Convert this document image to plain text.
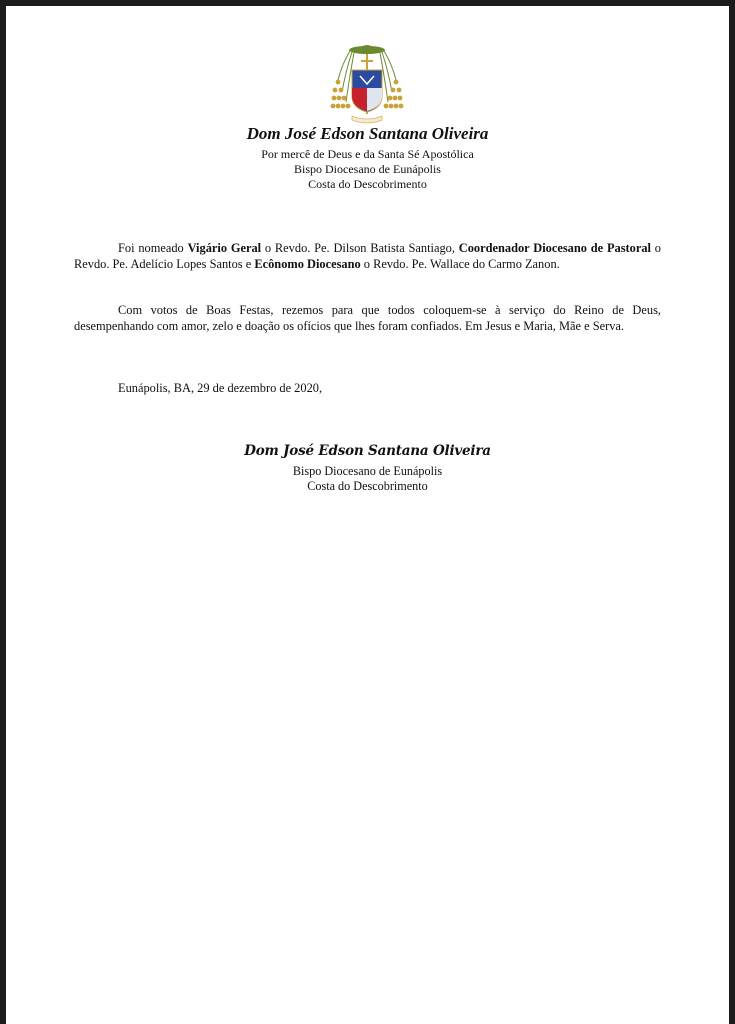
Dom José Edson Santana Oliveira
Por mercê de Deus e da Santa Sé Apostólica
Bispo Diocesano de Eunápolis
Costa do Descobrimento

Foi nomeado Vigário Geral o Revdo. Pe. Dilson Batista Santiago, Coordenador Diocesano de Pastoral o Revdo. Pe. Adelício Lopes Santos e Ecônomo Diocesano o Revdo. Pe. Wallace do Carmo Zanon.

Com votos de Boas Festas, rezemos para que todos coloquem-se à serviço do Reino de Deus, desempenhando com amor, zelo e doação os ofícios que lhes foram confiados. Em Jesus e Maria, Mãe e Serva.

Eunápolis, BA, 29 de dezembro de 2020,
Dom José Edson Santana Oliveira
Bispo Diocesano de Eunápolis
Costa do Descobrimento
